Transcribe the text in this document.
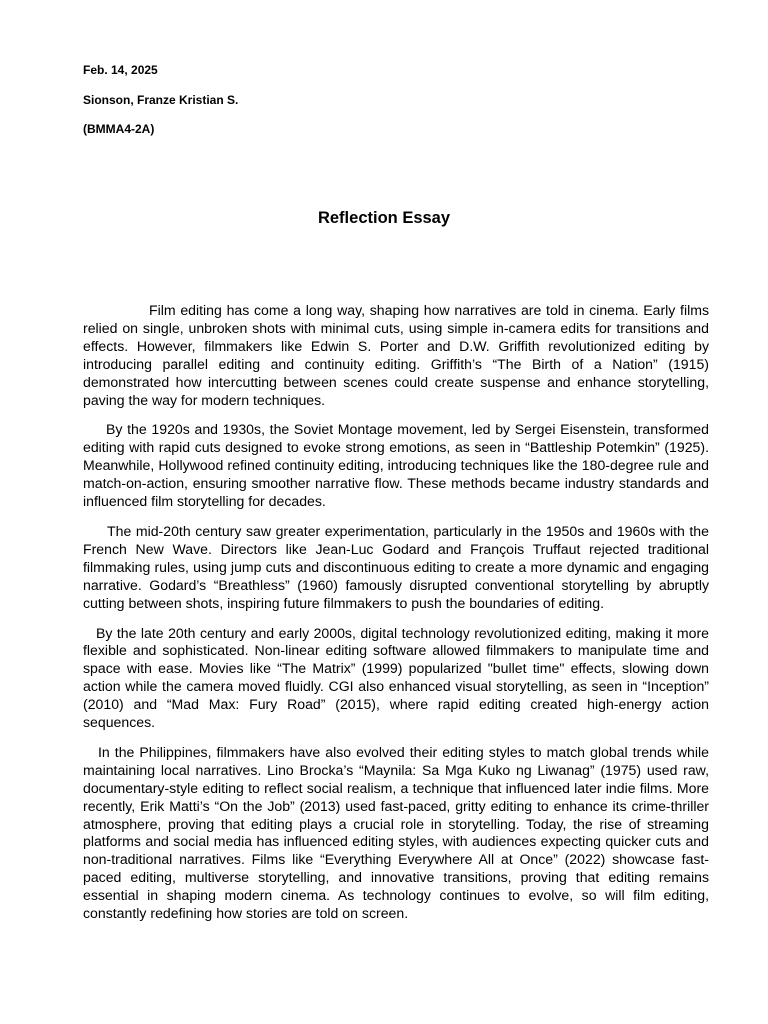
Feb. 14, 2025
Sionson, Franze Kristian S.
(BMMA4-2A)
Reflection Essay

Film editing has come a long way, shaping how narratives are told in cinema. Early films relied on single, unbroken shots with minimal cuts, using simple in-camera edits for transitions and effects. However, filmmakers like Edwin S. Porter and D.W. Griffith revolutionized editing by introducing parallel editing and continuity editing. Griffith’s “The Birth of a Nation” (1915) demonstrated how intercutting between scenes could create suspense and enhance storytelling, paving the way for modern techniques.

By the 1920s and 1930s, the Soviet Montage movement, led by Sergei Eisenstein, transformed editing with rapid cuts designed to evoke strong emotions, as seen in “Battleship Potemkin” (1925). Meanwhile, Hollywood refined continuity editing, introducing techniques like the 180-degree rule and match-on-action, ensuring smoother narrative flow. These methods became industry standards and influenced film storytelling for decades.

The mid-20th century saw greater experimentation, particularly in the 1950s and 1960s with the French New Wave. Directors like Jean-Luc Godard and François Truffaut rejected traditional filmmaking rules, using jump cuts and discontinuous editing to create a more dynamic and engaging narrative. Godard’s “Breathless” (1960) famously disrupted conventional storytelling by abruptly cutting between shots, inspiring future filmmakers to push the boundaries of editing.

By the late 20th century and early 2000s, digital technology revolutionized editing, making it more flexible and sophisticated. Non-linear editing software allowed filmmakers to manipulate time and space with ease. Movies like “The Matrix” (1999) popularized "bullet time" effects, slowing down action while the camera moved fluidly. CGI also enhanced visual storytelling, as seen in “Inception” (2010) and “Mad Max: Fury Road” (2015), where rapid editing created high-energy action sequences.

In the Philippines, filmmakers have also evolved their editing styles to match global trends while maintaining local narratives. Lino Brocka’s “Maynila: Sa Mga Kuko ng Liwanag” (1975) used raw, documentary-style editing to reflect social realism, a technique that influenced later indie films. More recently, Erik Matti’s “On the Job” (2013) used fast-paced, gritty editing to enhance its crime-thriller atmosphere, proving that editing plays a crucial role in storytelling. Today, the rise of streaming platforms and social media has influenced editing styles, with audiences expecting quicker cuts and non-traditional narratives. Films like “Everything Everywhere All at Once” (2022) showcase fast-paced editing, multiverse storytelling, and innovative transitions, proving that editing remains essential in shaping modern cinema. As technology continues to evolve, so will film editing, constantly redefining how stories are told on screen.
